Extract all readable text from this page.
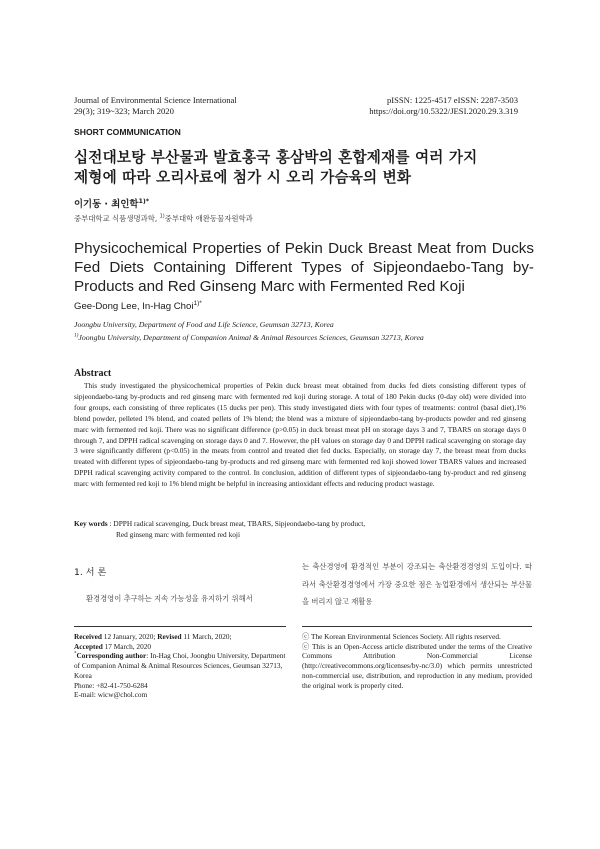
Journal of Environmental Science International
29(3); 319~323; March 2020
pISSN: 1225-4517 eISSN: 2287-3503
https://doi.org/10.5322/JESI.2020.29.3.319
SHORT COMMUNICATION
십전대보탕 부산물과 발효홍국 홍삼박의 혼합제재를 여러 가지
제형에 따라 오리사료에 첨가 시 오리 가슴육의 변화
이기동 · 최인학$^{1)*}$
중부대학교 식품생명과학, $^{1)}$중부대학 애완동물자원학과
Physicochemical Properties of Pekin Duck Breast Meat from Ducks Fed Diets Containing Different Types of Sipjeondaebo-Tang by- Products and Red Ginseng Marc with Fermented Red Koji
Gee-Dong Lee, In-Hag Choi$^{1)*}$
Joongbu University, Department of Food and Life Science, Geumsan 32713, Korea
$^{1)}$Joongbu University, Department of Companion Animal & Animal Resources Sciences, Geumsan 32713, Korea
Abstract
This study investigated the physicochemical properties of Pekin duck breast meat obtained from ducks fed diets consisting different types of sipjeondaebo-tang by-products and red ginseng marc with fermented red koji during storage. A total of 180 Pekin ducks (0-day old) were divided into four groups, each consisting of three replicates (15 ducks per pen). This study investigated diets with four types of treatments: control (basal diet),1% blend powder, pelleted 1% blend, and coated pellets of 1% blend; the blend was a mixture of sipjeondaebo-tang by-products powder and red ginseng marc with fermented red koji. There was no significant difference (p>0.05) in duck breast meat pH on storage days 3 and 7, TBARS on storage days 0 through 7, and DPPH radical scavenging on storage days 0 and 7. However, the pH values on storage day 0 and DPPH radical scavenging on storage day 3 were significantly different (p<0.05) in the meats from control and treated diet fed ducks. Especially, on storage day 7, the breast meat from ducks treated with different types of sipjeondaebo-tang by-products and red ginseng marc with fermented red koji showed lower TBARS values and increased DPPH radical scavenging activity compared to the control. In conclusion, addition of different types of sipjeondaebo-tang by-product and red ginseng marc with fermented red koji to 1% blend might be helpful in increasing antioxidant effects and reducing product wastage.
Key words : DPPH radical scavenging, Duck breast meat, TBARS, Sipjeondaebo-tang by product,
Red ginseng marc with fermented red koji
1. 서 론
환경경영이 추구하는 지속 가능성을 유지하기 위해서
는 축산경영에 환경적인 부분이 강조되는 축산환경경영의 도입이다. 따라서 축산환경경영에서 가장 중요한 점은 농업환경에서 생산되는 부산물을 버리지 않고 재활용
Received 12 January, 2020; Revised 11 March, 2020;
Accepted 17 March, 2020
*Corresponding author: In-Hag Choi, Joongbu University, Department of Companion Animal & Animal Resources Sciences, Geumsan 32713, Korea
Phone: +82-41-750-6284
E-mail: wicw@chol.com
ⓒ The Korean Environmental Sciences Society. All rights reserved.
ⓒ This is an Open-Access article distributed under the terms of the Creative Commons Attribution Non-Commercial License (http://creativecommons.org/licenses/by-nc/3.0) which permits unrestricted non-commercial use, distribution, and reproduction in any medium, provided the original work is properly cited.
